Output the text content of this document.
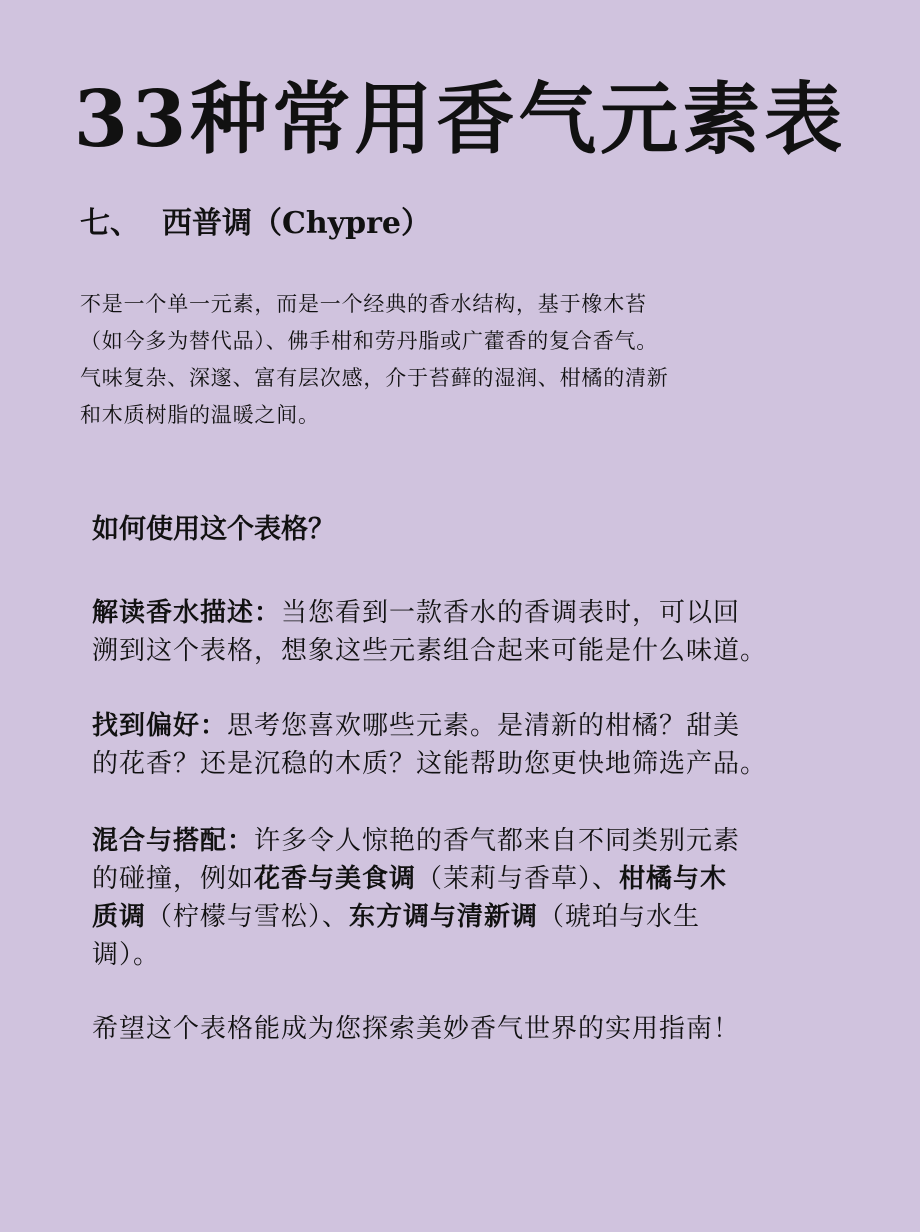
33种常用香气元素表
七、 西普调（Chypre）

不是一个单一元素，而是一个经典的香水结构，基于橡木苔

（如今多为替代品）、佛手柑和劳丹脂或广藿香的复合香气。

气味复杂、深邃、富有层次感，介于苔藓的湿润、柑橘的清新

和木质树脂的温暖之间。

如何使用这个表格？

解读香水描述：当您看到一款香水的香调表时，可以回

溯到这个表格，想象这些元素组合起来可能是什么味道。

找到偏好：思考您喜欢哪些元素。是清新的柑橘？甜美

的花香？还是沉稳的木质？这能帮助您更快地筛选产品。

混合与搭配：许多令人惊艳的香气都来自不同类别元素

的碰撞，例如花香与美食调（茉莉与香草）、柑橘与木

质调（柠檬与雪松）、东方调与清新调（琥珀与水生

调）。

希望这个表格能成为您探索美妙香气世界的实用指南！
